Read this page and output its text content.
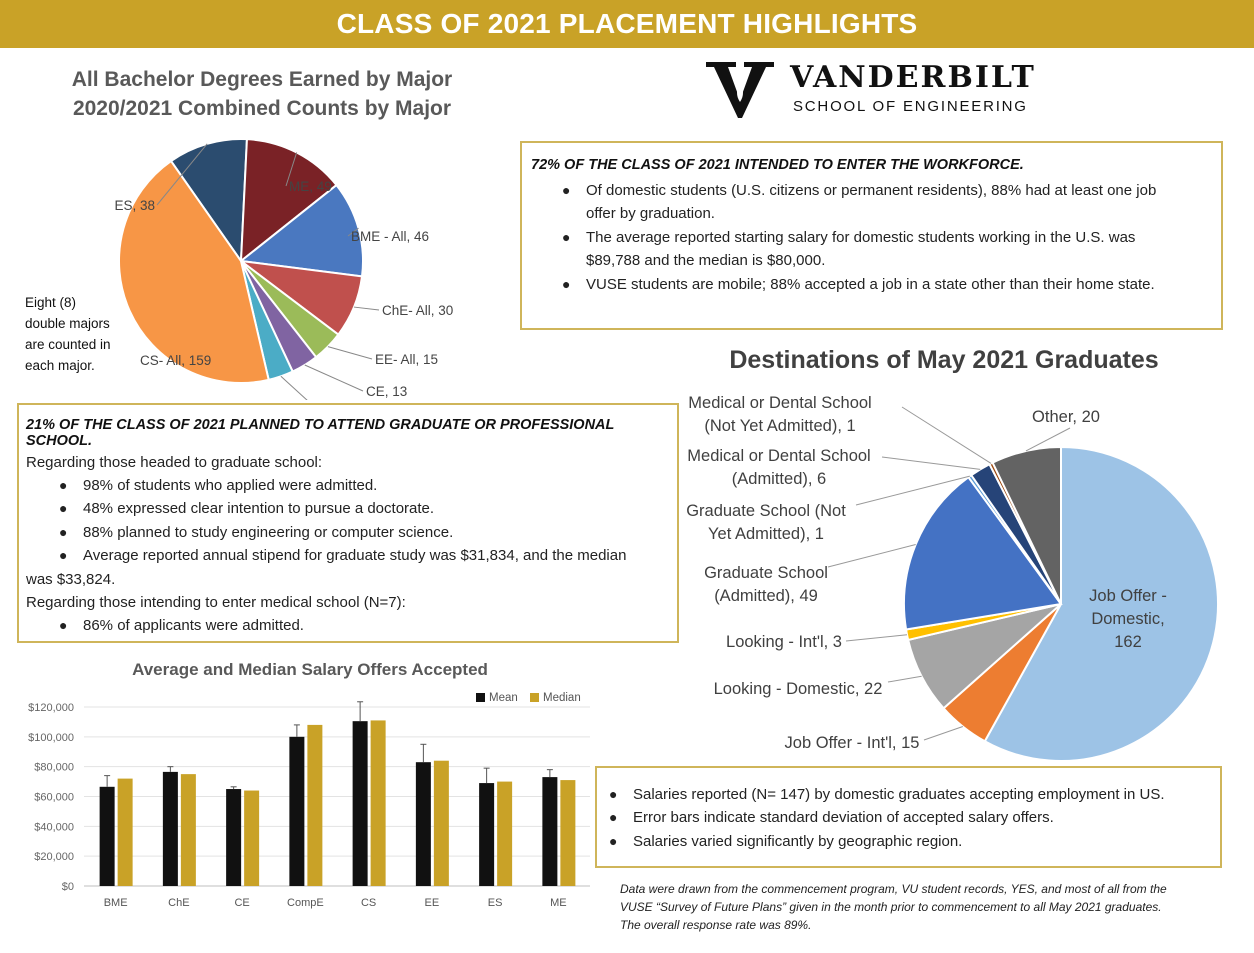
CLASS OF 2021 PLACEMENT HIGHLIGHTS
VANDERBILT
SCHOOL OF ENGINEERING
All Bachelor Degrees Earned by Major
2020/2021 Combined Counts by Major
ES, 38
ME, 49
BME - All, 46
ChE- All, 30
EE- All, 15
CE, 13
CS- All, 159
Eight (8)
double majors
are counted in
each major.
72% OF THE CLASS OF 2021 INTENDED TO ENTER THE WORKFORCE.
● Of domestic students (U.S. citizens or permanent residents), 88% had at least one job
offer by graduation.
● The average reported starting salary for domestic students working in the U.S. was
$89,788 and the median is $80,000.
● VUSE students are mobile; 88% accepted a job in a state other than their home state.
21% OF THE CLASS OF 2021 PLANNED TO ATTEND GRADUATE OR PROFESSIONAL SCHOOL.

Regarding those headed to graduate school:

● 98% of students who applied were admitted.
● 48% expressed clear intention to pursue a doctorate.
● 88% planned to study engineering or computer science.
● Average reported annual stipend for graduate study was $31,834, and the median

was $33,824.

Regarding those intending to enter medical school (N=7):

● 86% of applicants were admitted.
Destinations of May 2021 Graduates
Job Offer -Domestic, 162
Job Offer - Int'l, 15
Looking - Domestic, 22
Looking - Int'l, 3
Graduate School (Admitted), 49
Graduate School (Not Yet Admitted), 1
Medical or Dental School (Admitted), 6
Medical or Dental School (Not Yet Admitted), 1	Other, 20
Average and Median Salary Offers Accepted
$0
$20,000
$40,000
$60,000
$80,000
$100,000
$120,000
BME	ChE	CE	CompE	CS	EE	ES	ME
Mean Median
● Salaries reported (N= 147) by domestic graduates accepting employment in US.
● Error bars indicate standard deviation of accepted salary offers.
● Salaries varied significantly by geographic region.
Data were drawn from the commencement program, VU student records, YES, and most of all from the
VUSE “Survey of Future Plans” given in the month prior to commencement to all May 2021 graduates.
The overall response rate was 89%.
